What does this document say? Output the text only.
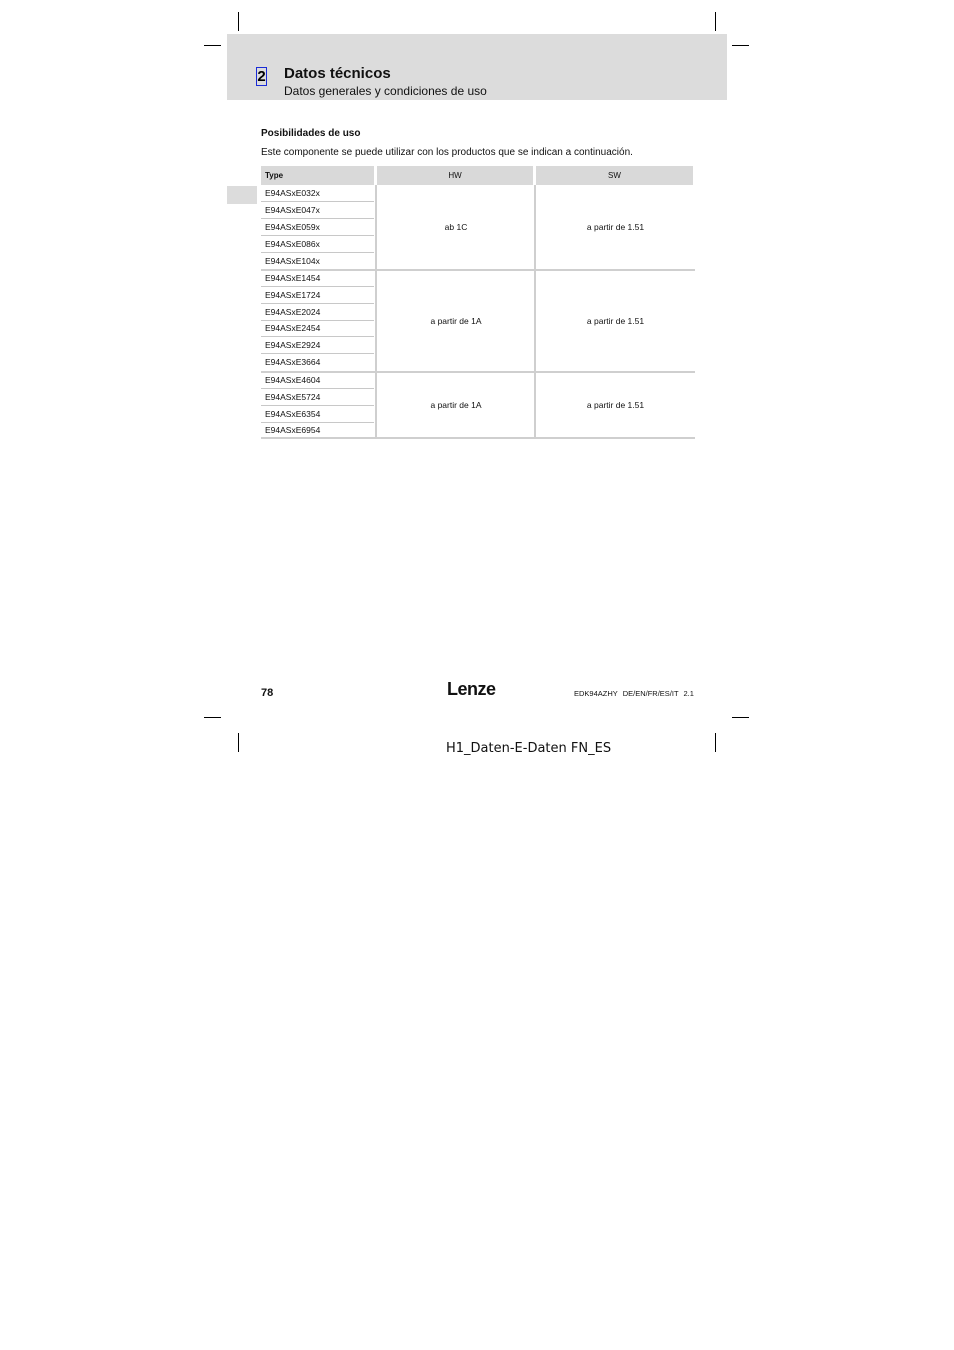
2 Datos técnicos
Datos generales y condiciones de uso
Posibilidades de uso
Este componente se puede utilizar con los productos que se indican a continuación.
Type	HW	SW
E94ASxE032x
E94ASxE047x
E94ASxE059x
E94ASxE086x
E94ASxE104x
ab 1C	a partir de 1.51
E94ASxE1454
E94ASxE1724
E94ASxE2024
E94ASxE2454
E94ASxE2924
E94ASxE3664
a partir de 1A	a partir de 1.51
E94ASxE4604
E94ASxE5724
E94ASxE6354
E94ASxE6954
a partir de 1A	a partir de 1.51
78	Lenze	EDK94AZHY DE/EN/FR/ES/IT 2.1
H1_Daten-E-Daten FN_ES
